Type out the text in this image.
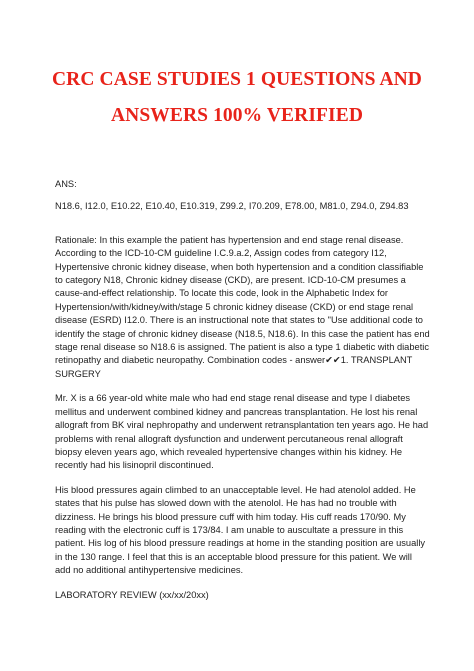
CRC CASE STUDIES 1 QUESTIONS AND
ANSWERS 100% VERIFIED

ANS:

N18.6, I12.0, E10.22, E10.40, E10.319, Z99.2, I70.209, E78.00, M81.0, Z94.0, Z94.83

Rationale: In this example the patient has hypertension and end stage renal disease. According to the ICD-10-CM guideline I.C.9.a.2, Assign codes from category I12, Hypertensive chronic kidney disease, when both hypertension and a condition classifiable to category N18, Chronic kidney disease (CKD), are present. ICD-10-CM presumes a cause-and-effect relationship. To locate this code, look in the Alphabetic Index for Hypertension/with/kidney/with/stage 5 chronic kidney disease (CKD) or end stage renal disease (ESRD) I12.0. There is an instructional note that states to "Use additional code to identify the stage of chronic kidney disease (N18.5, N18.6). In this case the patient has end stage renal disease so N18.6 is assigned. The patient is also a type 1 diabetic with diabetic retinopathy and diabetic neuropathy. Combination codes - answer✔✔1. TRANSPLANT SURGERY

Mr. X is a 66 year-old white male who had end stage renal disease and type I diabetes mellitus and underwent combined kidney and pancreas transplantation. He lost his renal allograft from BK viral nephropathy and underwent retransplantation ten years ago. He had problems with renal allograft dysfunction and underwent percutaneous renal allograft biopsy eleven years ago, which revealed hypertensive changes within his kidney. He recently had his lisinopril discontinued.

His blood pressures again climbed to an unacceptable level. He had atenolol added. He states that his pulse has slowed down with the atenolol. He has had no trouble with dizziness. He brings his blood pressure cuff with him today. His cuff reads 170/90. My reading with the electronic cuff is 173/84. I am unable to auscultate a pressure in this patient. His log of his blood pressure readings at home in the standing position are usually in the 130 range. I feel that this is an acceptable blood pressure for this patient. We will add no additional antihypertensive medicines.

LABORATORY REVIEW (xx/xx/20xx)
